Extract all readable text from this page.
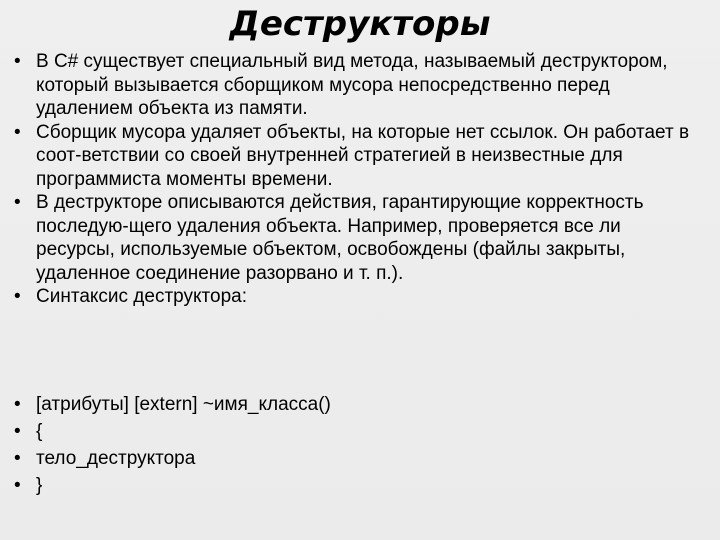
Деструкторы
• В C# существует специальный вид метода, называемый деструктором, который вызывается сборщиком мусора непосредственно перед удалением объекта из памяти.
• Сборщик мусора удаляет объекты, на которые нет ссылок. Он работает в соот-ветствии со своей внутренней стратегией в неизвестные для программиста моменты времени.
• В деструкторе описываются действия, гарантирующие корректность последую-щего удаления объекта. Например, проверяется все ли ресурсы, используемые объектом, освобождены (файлы закрыты, удаленное соединение разорвано и т. п.).
• Синтаксис деструктора:
• [атрибуты] [extern] ~имя_класса()
• {
• тело_деструктора
• }
